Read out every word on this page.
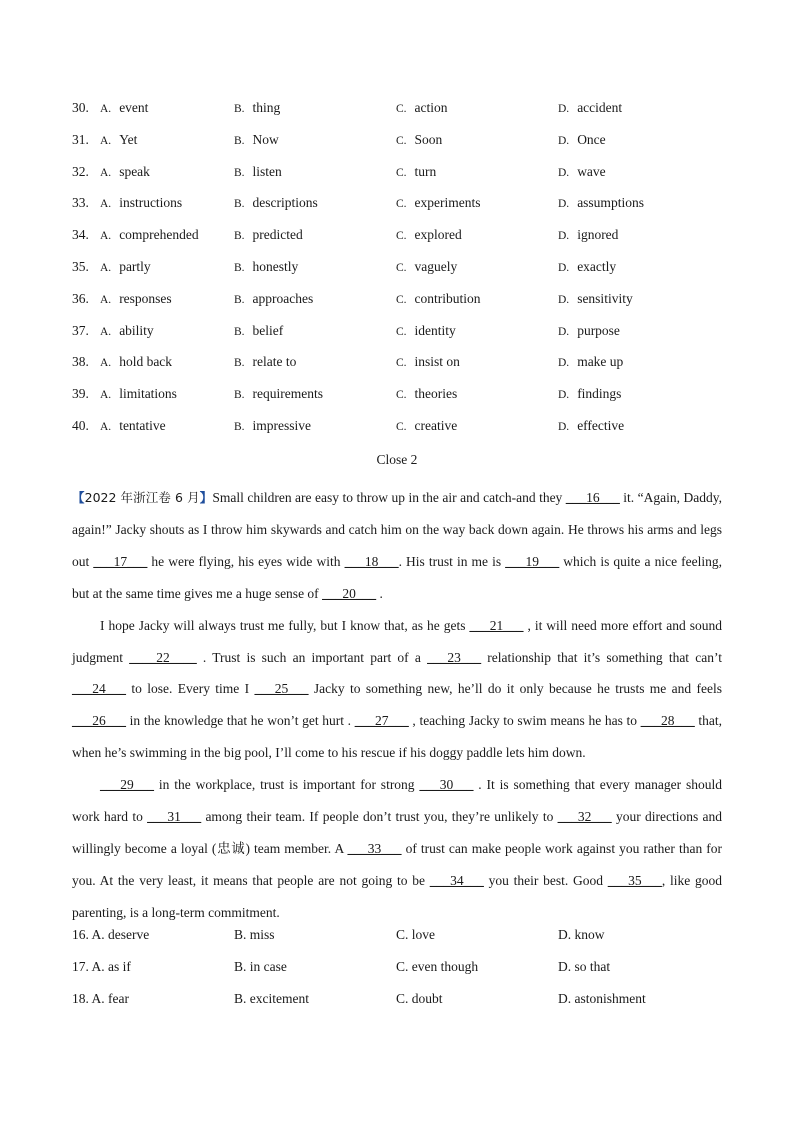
30. A. event	B. thing	C. action	D. accident
31. A. Yet	B. Now	C. Soon	D. Once
32. A. speak	B. listen	C. turn	D. wave
33. A. instructions	B. descriptions	C. experiments	D. assumptions
34. A. comprehended	B. predicted	C. explored	D. ignored
35. A. partly	B. honestly	C. vaguely	D. exactly
36. A. responses	B. approaches	C. contribution	D. sensitivity
37. A. ability	B. belief	C. identity	D. purpose
38. A. hold back	B. relate to	C. insist on	D. make up
39. A. limitations	B. requirements	C. theories	D. findings
40. A. tentative	B. impressive	C. creative	D. effective
Close 2

【2022 年浙江卷 6 月】Small children are easy to throw up in the air and catch-and they ___16___ it. “Again, Daddy, again!” Jacky shouts as I throw him skywards and catch him on the way back down again. He throws his arms and legs out ___17___ he were flying, his eyes wide with ___18___. His trust in me is ___19___ which is quite a nice feeling, but at the same time gives me a huge sense of ___20___ .

I hope Jacky will always trust me fully, but I know that, as he gets ___21___ , it will need more effort and sound judgment ____22____ . Trust is such an important part of a ___23___ relationship that it’s something that can’t ___24___ to lose. Every time I ___25___ Jacky to something new, he’ll do it only because he trusts me and feels ___26___ in the knowledge that he won’t get hurt . ___27___ , teaching Jacky to swim means he has to ___28___ that, when he’s swimming in the big pool, I’ll come to his rescue if his doggy paddle lets him down.

___29___ in the workplace, trust is important for strong ___30___ . It is something that every manager should work hard to ___31___ among their team. If people don’t trust you, they’re unlikely to ___32___ your directions and willingly become a loyal (忠诚) team member. A ___33___ of trust can make people work against you rather than for you. At the very least, it means that people are not going to be ___34___ you their best. Good ___35___, like good parenting, is a long-term commitment.

16. A. deserve	B. miss	C. love	D. know
17. A. as if	B. in case	C. even though	D. so that
18. A. fear	B. excitement	C. doubt	D. astonishment
